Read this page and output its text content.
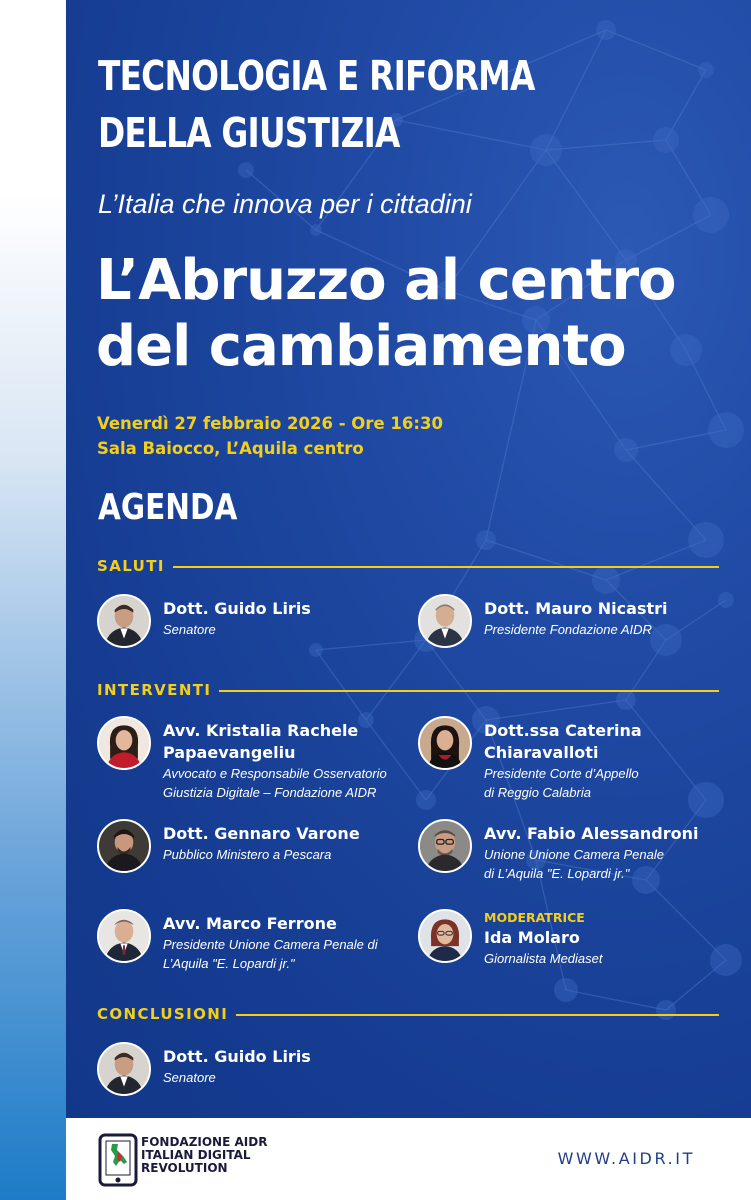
TECNOLOGIA E RIFORMA
DELLA GIUSTIZIA
L’Italia che innova per i cittadini
L’Abruzzo al centro
del cambiamento
Venerdì 27 febbraio 2026 - Ore 16:30
Sala Baiocco, L’Aquila centro
AGENDA
SALUTI
Dott. Guido Liris
Senatore
Dott. Mauro Nicastri
Presidente Fondazione AIDR
INTERVENTI
Avv. Kristalia Rachele
Papaevangeliu
Avvocato e Responsabile Osservatorio
Giustizia Digitale – Fondazione AIDR
Dott.ssa Caterina
Chiaravalloti
Presidente Corte d’Appello
di Reggio Calabria
Dott. Gennaro Varone
Pubblico Ministero a Pescara
Avv. Fabio Alessandroni
Unione Unione Camera Penale
di L’Aquila "E. Lopardi jr."
Avv. Marco Ferrone
Presidente Unione Camera Penale di
L’Aquila "E. Lopardi jr."
MODERATRICE
Ida Molaro
Giornalista Mediaset
CONCLUSIONI
Dott. Guido Liris
Senatore
FONDAZIONE AIDR
ITALIAN DIGITAL
REVOLUTION	WWW.AIDR.IT
